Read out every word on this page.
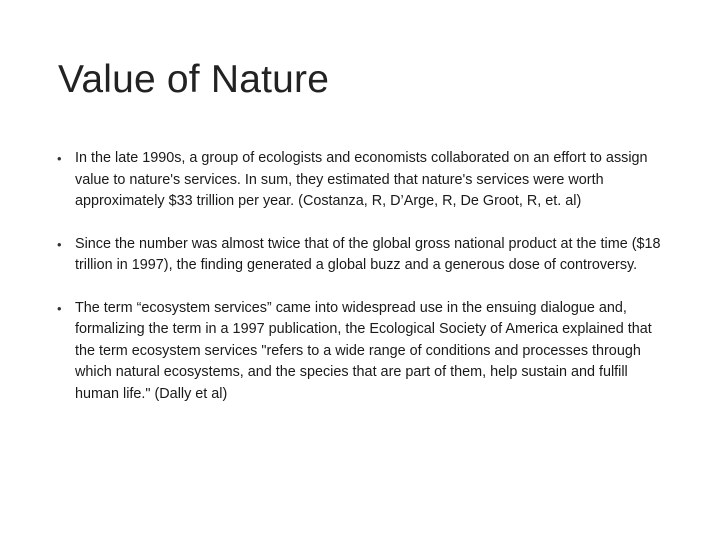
Value of Nature
• In the late 1990s, a group of ecologists and economists collaborated on an effort to assign value to nature's services. In sum, they estimated that nature's services were worth approximately $33 trillion per year. (Costanza, R, D’Arge, R, De Groot, R, et. al)
• Since the number was almost twice that of the global gross national product at the time ($18 trillion in 1997), the finding generated a global buzz and a generous dose of controversy.
• The term “ecosystem services” came into widespread use in the ensuing dialogue and, formalizing the term in a 1997 publication, the Ecological Society of America explained that the term ecosystem services "refers to a wide range of conditions and processes through which natural ecosystems, and the species that are part of them, help sustain and fulfill human life." (Dally et al)
